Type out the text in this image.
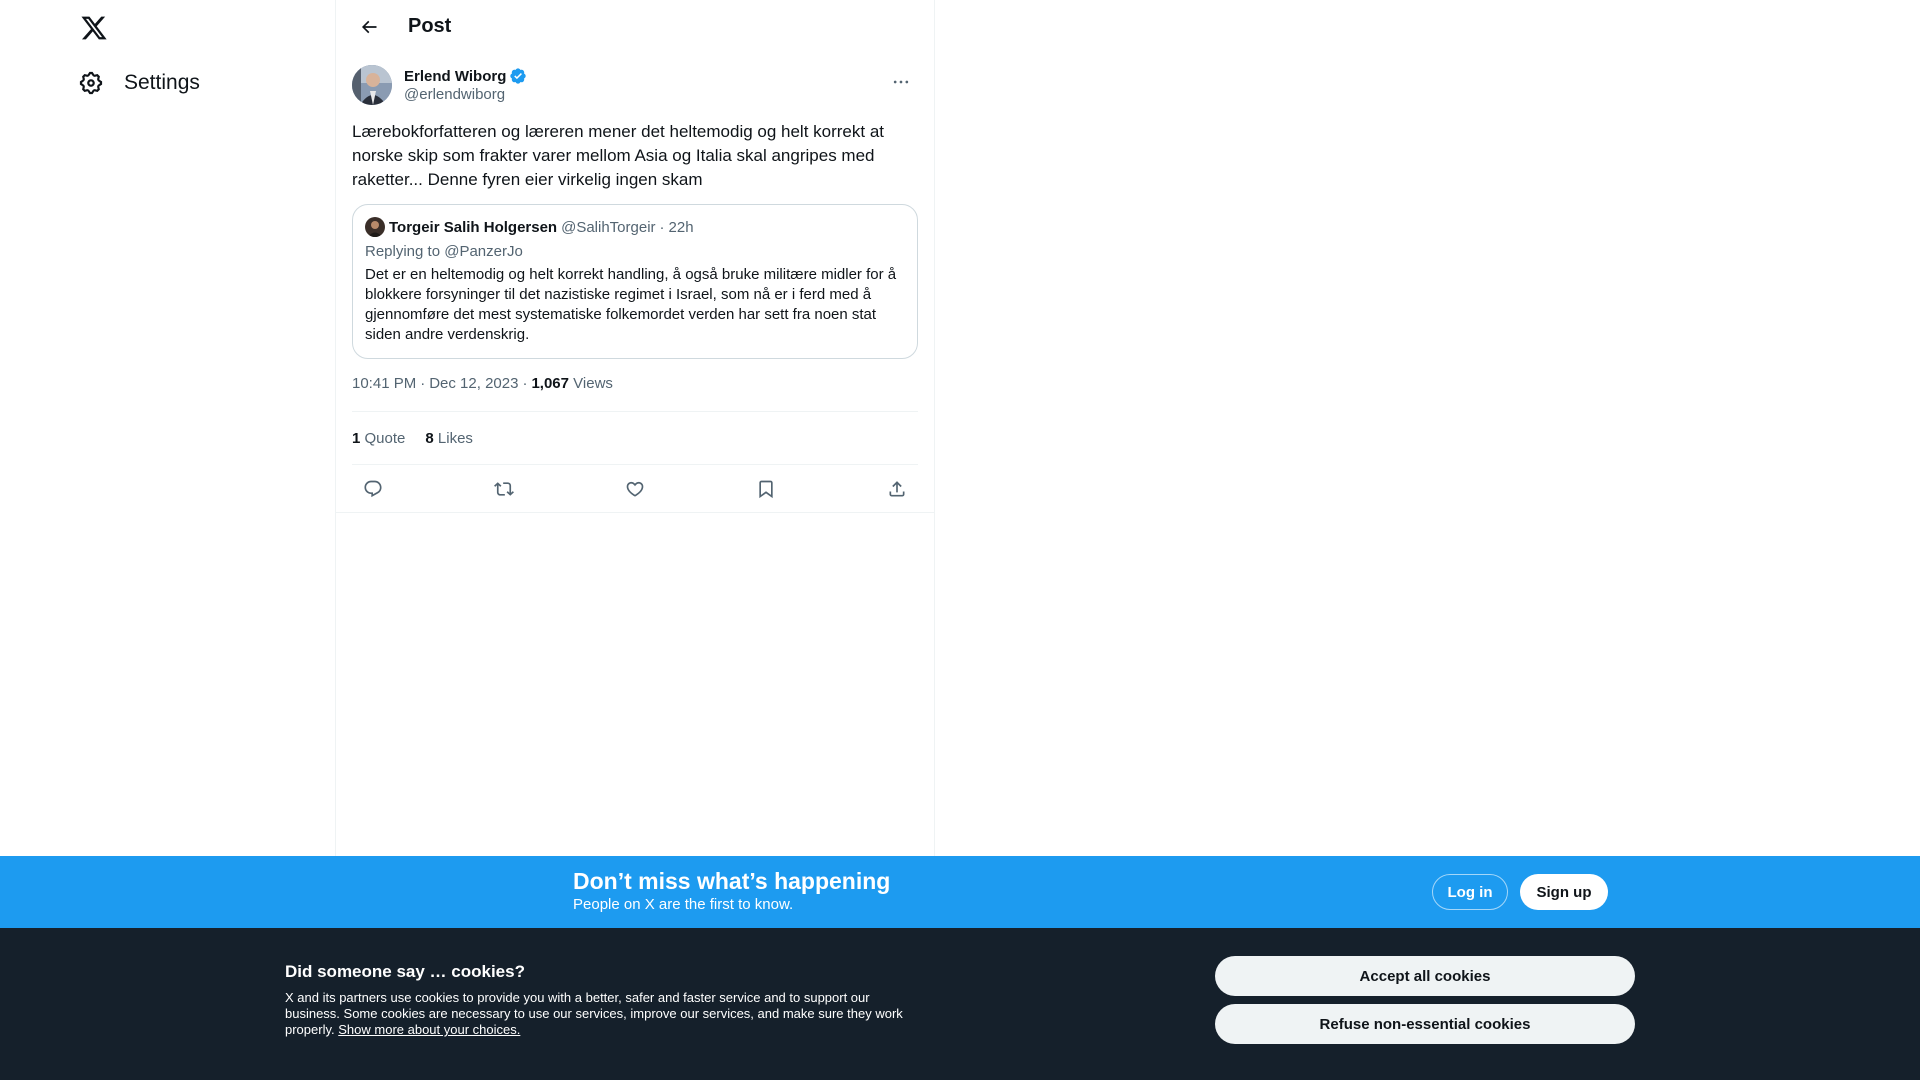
Settings
Post
Erlend Wiborg
@erlendwiborg
Lærebokforfatteren og læreren mener det heltemodig og helt korrekt at norske skip som frakter varer mellom Asia og Italia skal angripes med raketter... Denne fyren eier virkelig ingen skam
Torgeir Salih Holgersen @SalihTorgeir · 22h
Replying to @PanzerJo
Det er en heltemodig og helt korrekt handling, å også bruke militære midler for å blokkere forsyninger til det nazistiske regimet i Israel, som nå er i ferd med å gjennomføre det mest systematiske folkemordet verden har sett fra noen stat siden andre verdenskrig.
10:41 PM · Dec 12, 2023 · 1,067 Views
1 Quote 8 Likes
Don’t miss what’s happening
People on X are the first to know.
Log in	Sign up
Did someone say … cookies?
X and its partners use cookies to provide you with a better, safer and faster service and to support our business. Some cookies are necessary to use our services, improve our services, and make sure they work properly. Show more about your choices.
Accept all cookies
Refuse non-essential cookies
